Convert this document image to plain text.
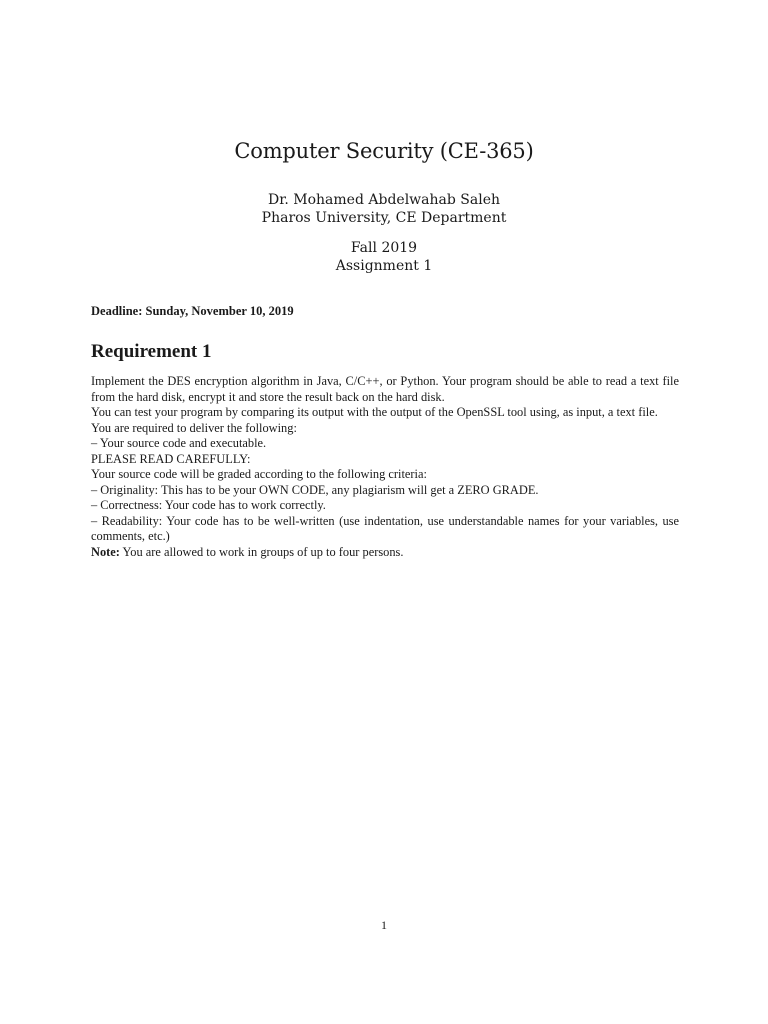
Computer Security (CE-365)
Dr. Mohamed Abdelwahab Saleh
Pharos University, CE Department
Fall 2019
Assignment 1
Deadline: Sunday, November 10, 2019
Requirement 1

Implement the DES encryption algorithm in Java, C/C++, or Python. Your program should be able to read a text file from the hard disk, encrypt it and store the result back on the hard disk.

You can test your program by comparing its output with the output of the OpenSSL tool using, as input, a text file.

You are required to deliver the following:

– Your source code and executable.

PLEASE READ CAREFULLY:

Your source code will be graded according to the following criteria:

– Originality: This has to be your OWN CODE, any plagiarism will get a ZERO GRADE.

– Correctness: Your code has to work correctly.

– Readability: Your code has to be well-written (use indentation, use understandable names for your variables, use comments, etc.)

Note: You are allowed to work in groups of up to four persons.

1
